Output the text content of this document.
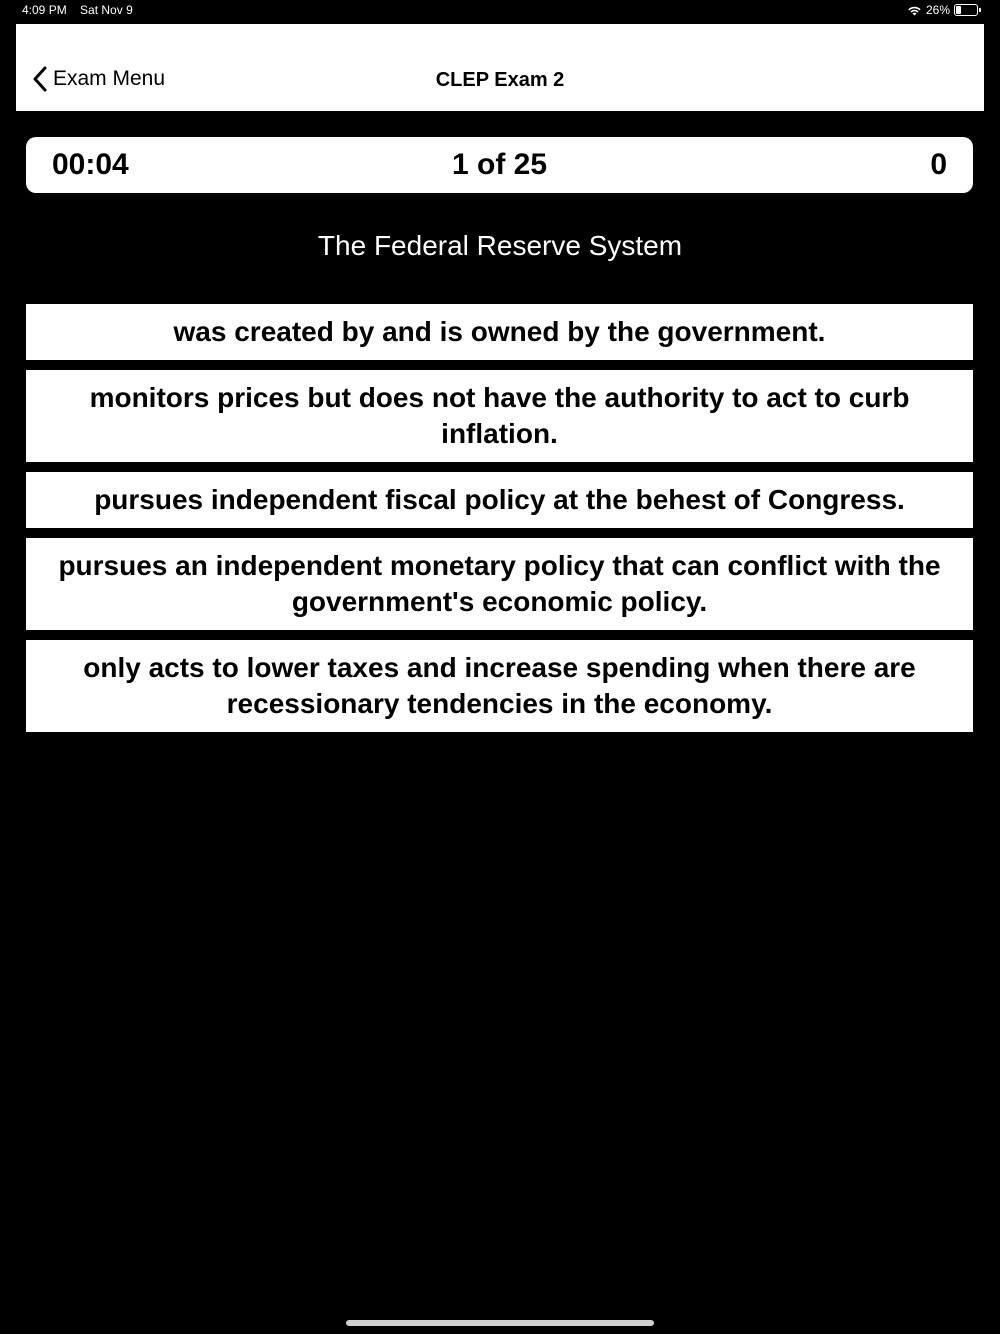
4:09 PM Sat Nov 9	26%
Exam Menu	CLEP Exam 2
00:04	1 of 25	0
The Federal Reserve System
was created by and is owned by the government.
monitors prices but does not have the authority to act to curb inflation.
pursues independent fiscal policy at the behest of Congress.
pursues an independent monetary policy that can conflict with the government's economic policy.
only acts to lower taxes and increase spending when there are recessionary tendencies in the economy.
